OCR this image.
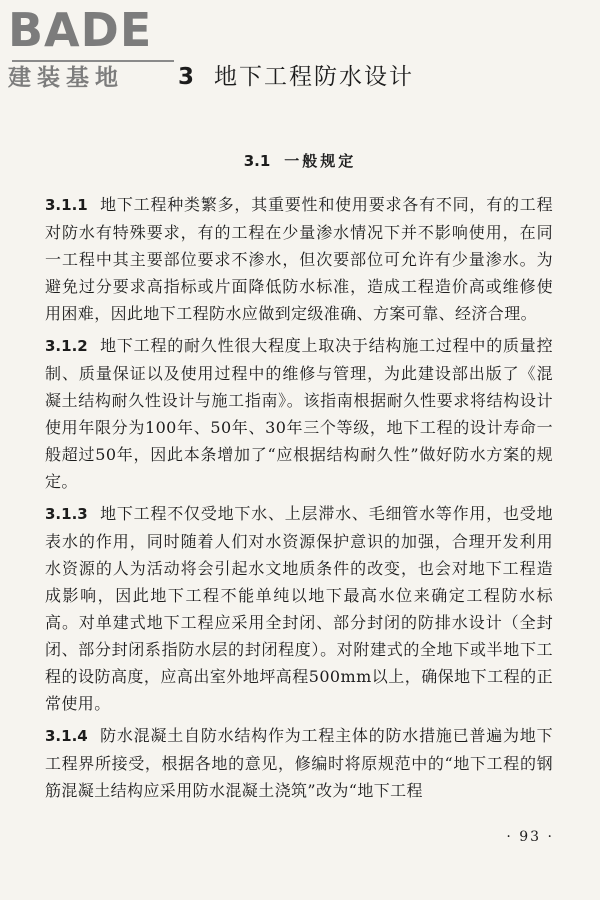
BADE
建装基地 3 地下工程防水设计
3.1 一般规定

3.1.1 地下工程种类繁多，其重要性和使用要求各有不同，有的工程对防水有特殊要求，有的工程在少量渗水情况下并不影响使用，在同一工程中其主要部位要求不渗水，但次要部位可允许有少量渗水。为避免过分要求高指标或片面降低防水标准，造成工程造价高或维修使用困难，因此地下工程防水应做到定级准确、方案可靠、经济合理。

3.1.2 地下工程的耐久性很大程度上取决于结构施工过程中的质量控制、质量保证以及使用过程中的维修与管理，为此建设部出版了《混凝土结构耐久性设计与施工指南》。该指南根据耐久性要求将结构设计使用年限分为100年、50年、30年三个等级，地下工程的设计寿命一般超过50年，因此本条增加了“应根据结构耐久性”做好防水方案的规定。

3.1.3 地下工程不仅受地下水、上层滞水、毛细管水等作用，也受地表水的作用，同时随着人们对水资源保护意识的加强，合理开发利用水资源的人为活动将会引起水文地质条件的改变，也会对地下工程造成影响，因此地下工程不能单纯以地下最高水位来确定工程防水标高。对单建式地下工程应采用全封闭、部分封闭的防排水设计（全封闭、部分封闭系指防水层的封闭程度）。对附建式的全地下或半地下工程的设防高度，应高出室外地坪高程500mm以上，确保地下工程的正常使用。

3.1.4 防水混凝土自防水结构作为工程主体的防水措施已普遍为地下工程界所接受，根据各地的意见，修编时将原规范中的“地下工程的钢筋混凝土结构应采用防水混凝土浇筑”改为“地下工程

· 93 ·
